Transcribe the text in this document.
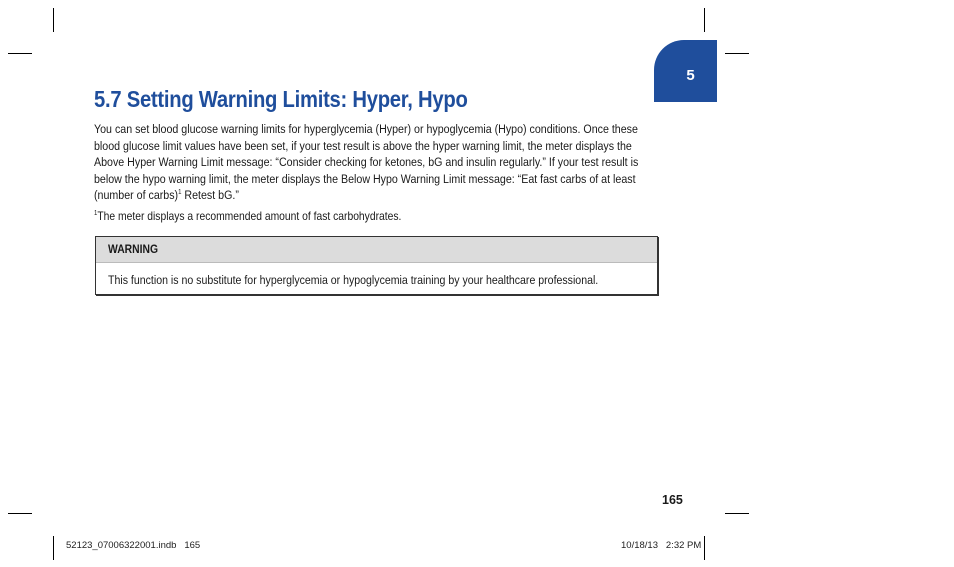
5
5.7 Setting Warning Limits: Hyper, Hypo

You can set blood glucose warning limits for hyperglycemia (Hyper) or hypoglycemia (Hypo) conditions. Once these blood glucose limit values have been set, if your test result is above the hyper warning limit, the meter displays the Above Hyper Warning Limit message: “Consider checking for ketones, bG and insulin regularly.” If your test result is below the hypo warning limit, the meter displays the Below Hypo Warning Limit message: “Eat fast carbs of at least (number of carbs)$^1$ Retest bG.”

$^1$The meter displays a recommended amount of fast carbohydrates.

WARNING
This function is no substitute for hyperglycemia or hypoglycemia training by your healthcare professional.
165
52123_07006322001.indb   165	10/18/13   2:32 PM
